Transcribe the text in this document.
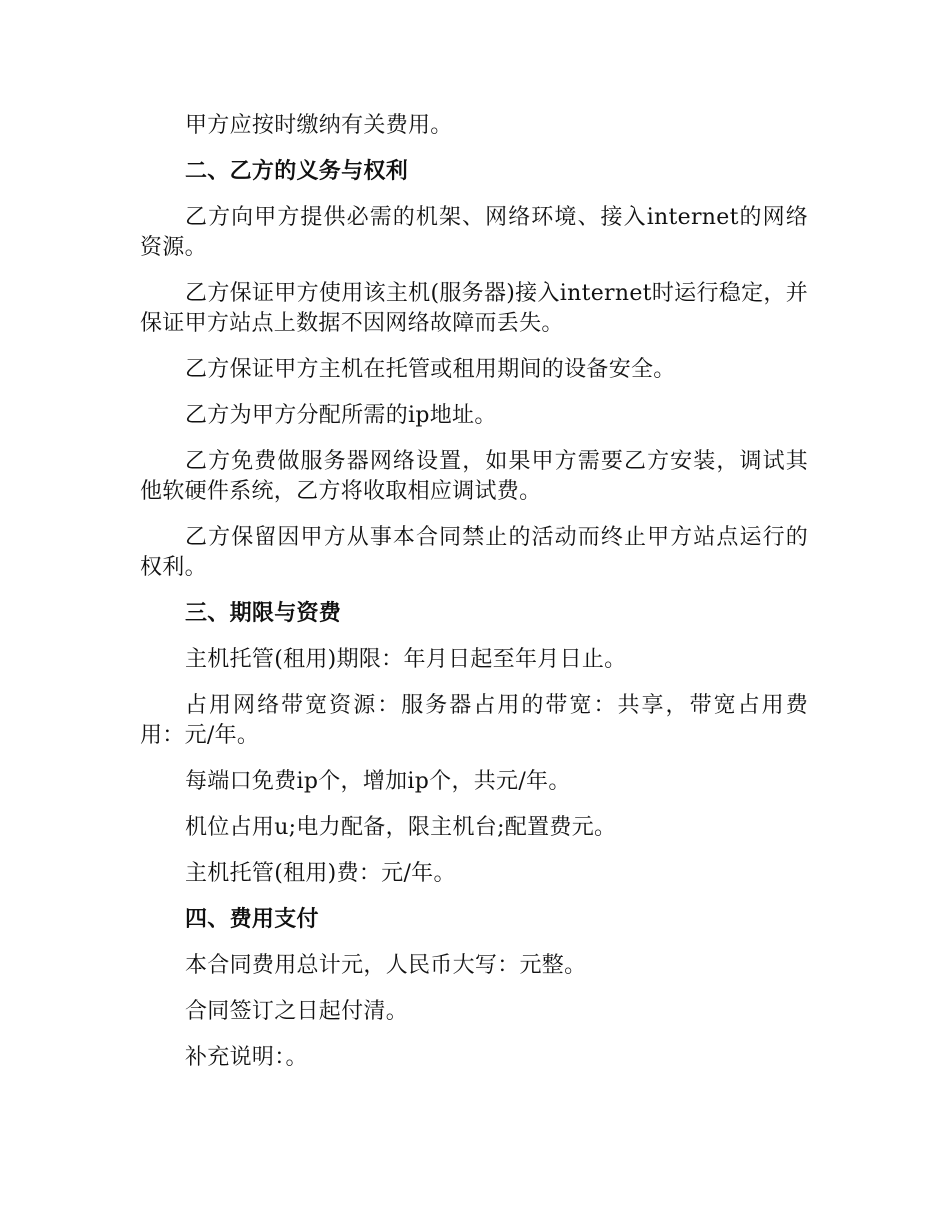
甲方应按时缴纳有关费用。

二、乙方的义务与权利

乙方向甲方提供必需的机架、网络环境、接入internet的网络资源。

乙方保证甲方使用该主机(服务器)接入internet时运行稳定，并保证甲方站点上数据不因网络故障而丢失。

乙方保证甲方主机在托管或租用期间的设备安全。

乙方为甲方分配所需的ip地址。

乙方免费做服务器网络设置，如果甲方需要乙方安装，调试其他软硬件系统，乙方将收取相应调试费。

乙方保留因甲方从事本合同禁止的活动而终止甲方站点运行的权利。

三、期限与资费

主机托管(租用)期限：年月日起至年月日止。

占用网络带宽资源：服务器占用的带宽：共享，带宽占用费用：元/年。

每端口免费ip个，增加ip个，共元/年。

机位占用u;电力配备，限主机台;配置费元。

主机托管(租用)费：元/年。

四、费用支付

本合同费用总计元，人民币大写：元整。

合同签订之日起付清。

补充说明：。
